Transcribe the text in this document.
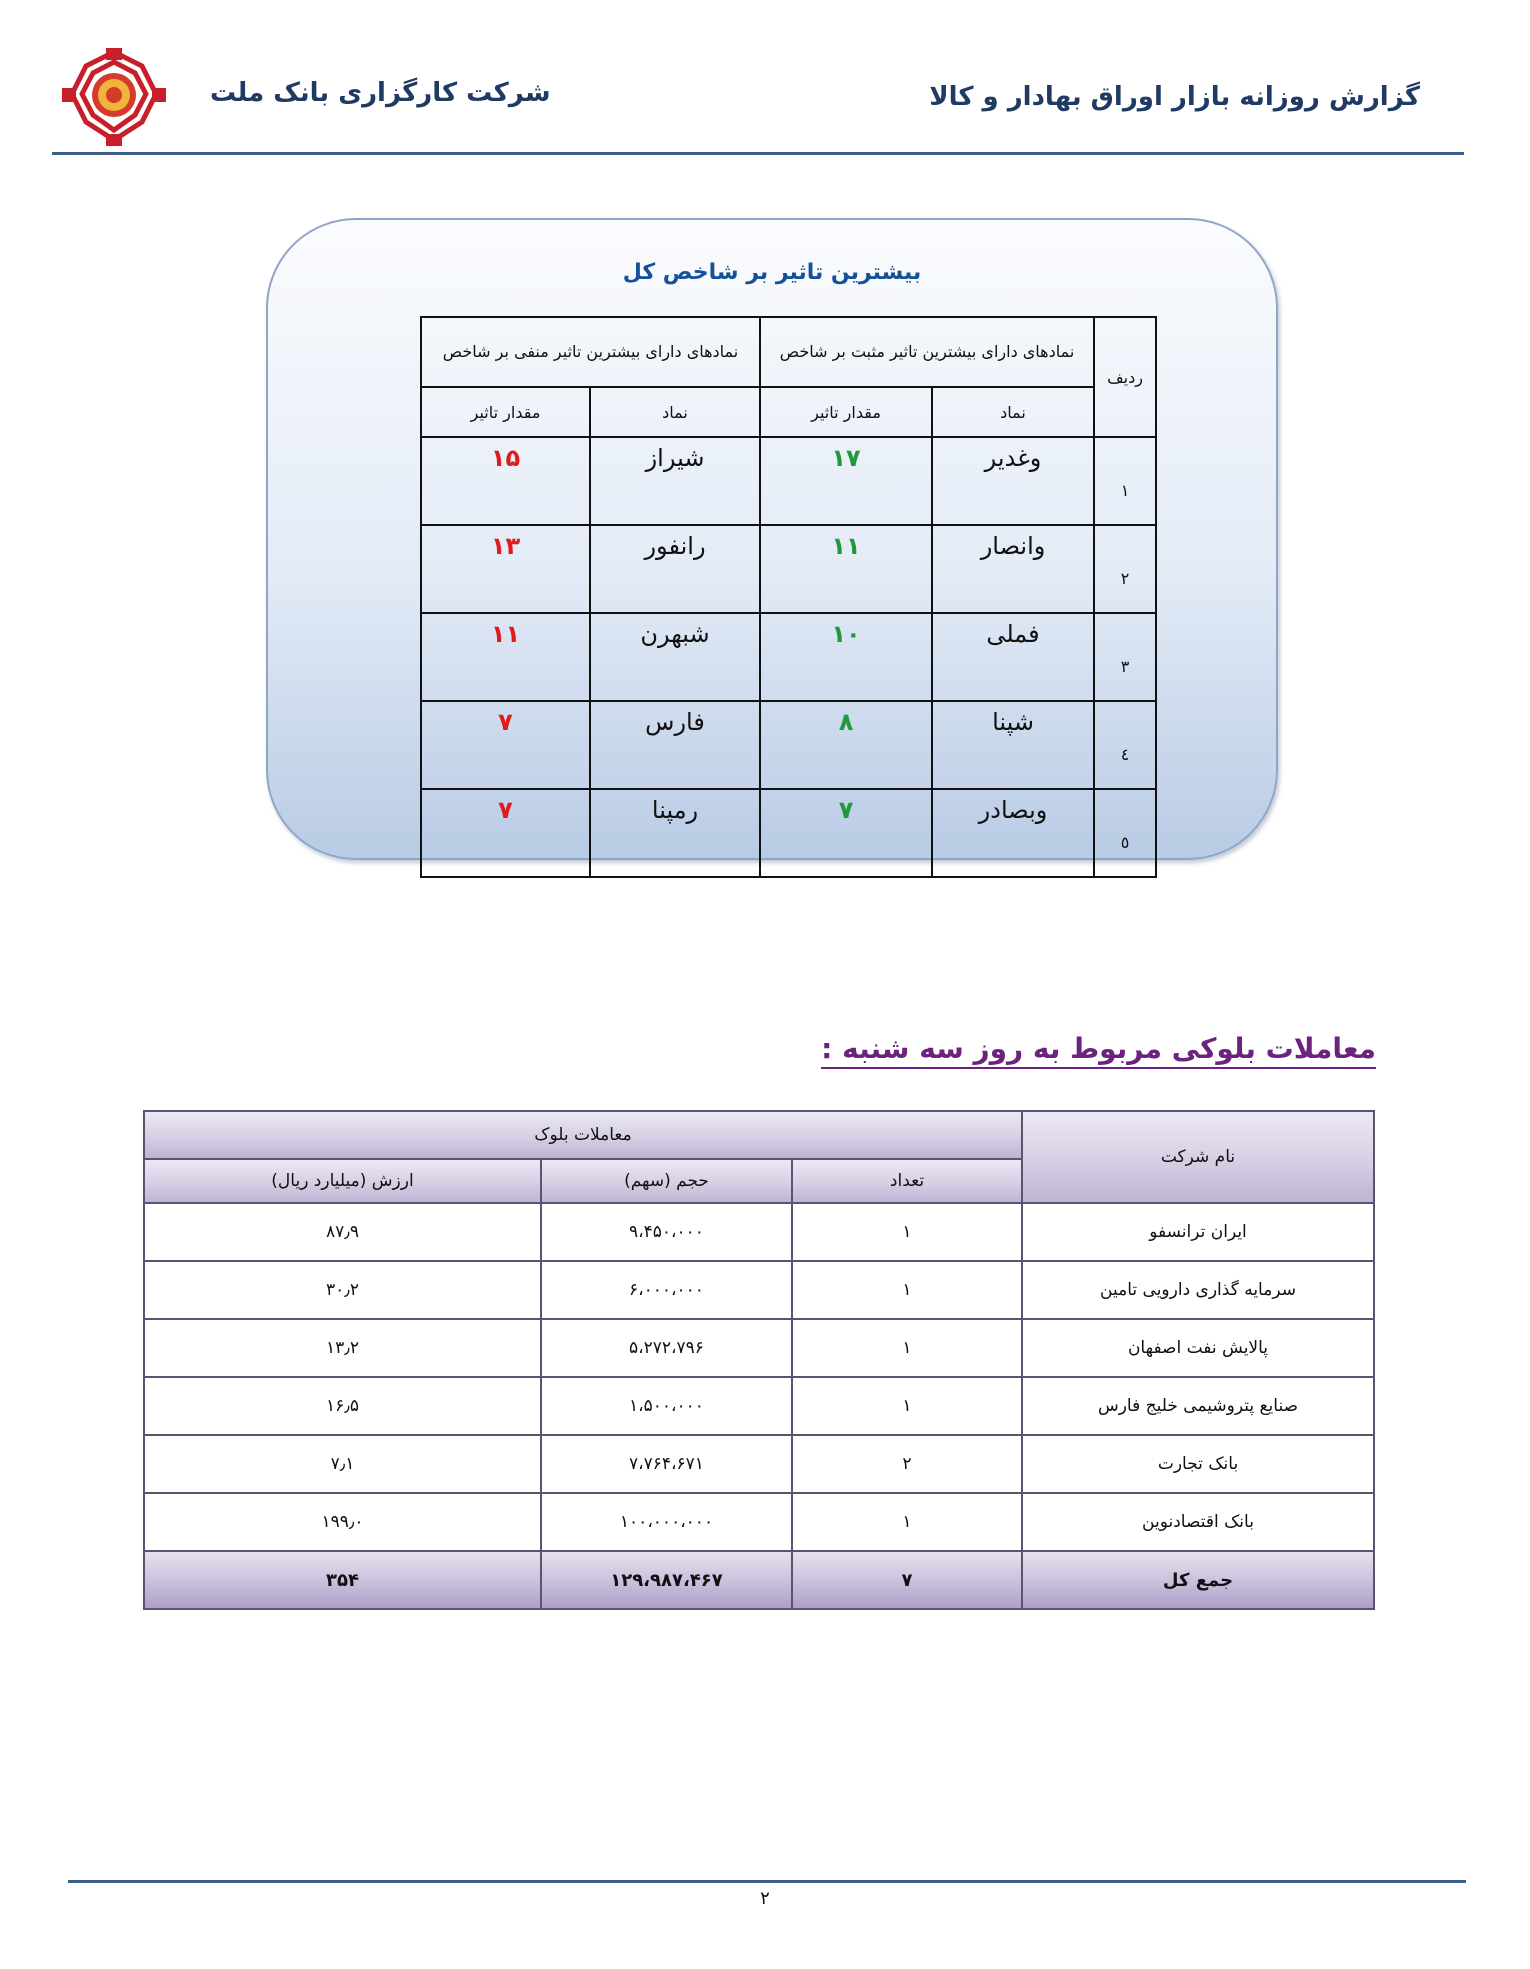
شرکت کارگزاری بانک ملت	گزارش روزانه بازار اوراق بهادار و کالا
بیشترین تاثیر بر شاخص کل
ردیف	نمادهای دارای بیشترین تاثیر مثبت بر شاخص		نمادهای دارای بیشترین تاثیر منفی بر شاخص	
	نماد	مقدار تاثیر	نماد	مقدار تاثیر
۱	وغدیر	۱۷	شیراز	۱۵
۲	وانصار	۱۱	رانفور	۱۳
۳	فملی	۱۰	شبهرن	۱۱
٤	شپنا	۸	فارس	۷
٥	وبصادر	۷	رمپنا	۷
معاملات بلوکی مربوط به روز سه شنبه :
نام شرکت	معاملات بلوک		
	تعداد	حجم (سهم)	ارزش (میلیارد ریال)
ایران ترانسفو	۱	۹،۴۵۰،۰۰۰	۸۷٫۹
سرمایه گذاری دارویی تامین	۱	۶،۰۰۰،۰۰۰	۳۰٫۲
پالایش نفت اصفهان	۱	۵،۲۷۲،۷۹۶	۱۳٫۲
صنایع پتروشیمی خلیج فارس	۱	۱،۵۰۰،۰۰۰	۱۶٫۵
بانک تجارت	۲	۷،۷۶۴،۶۷۱	۷٫۱
بانک اقتصادنوین	۱	۱۰۰،۰۰۰،۰۰۰	۱۹۹٫۰
جمع کل	۷	۱۲۹،۹۸۷،۴۶۷	۳۵۴
۲
